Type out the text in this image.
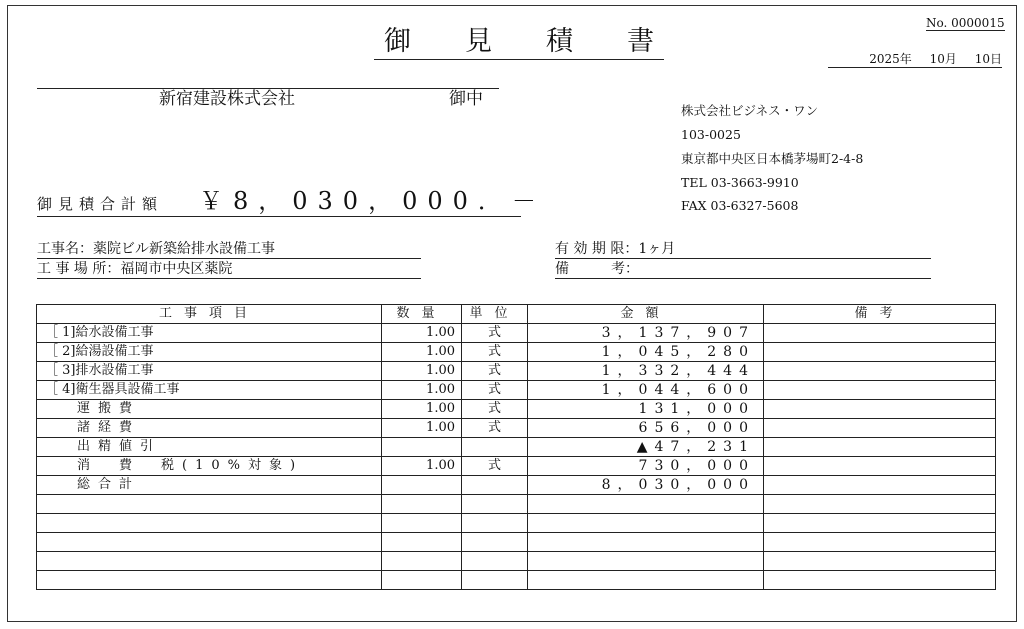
No. 0000015
御 見 積 書
2025年 10月 10日
新宿建設株式会社	御中
株式会社ビジネス・ワン
103-0025
東京都中央区日本橋茅場町2-4-8
TEL 03-3663-9910
FAX 03-6327-5608
御見積合計額 ￥8，030，000．－
工事名：薬院ビル新築給排水設備工事
工 事 場 所：福岡市中央区薬院
有 効 期 限：1ヶ月
備　　　考：
工事項目	数量	単位	金額	備考
［ 1]給水設備工事	1.00	式	3，137，907	
［ 2]給湯設備工事	1.00	式	1，045，280	
［ 3]排水設備工事	1.00	式	1，332，444	
［ 4]衛生器具設備工事	1.00	式	1，044，600	
運搬費	1.00	式	131，000	
諸経費	1.00	式	656，000	
出精値引			▲47，231	
消　費　税(10%対象)	1.00	式	730，000	
総合計			8，030，000	
